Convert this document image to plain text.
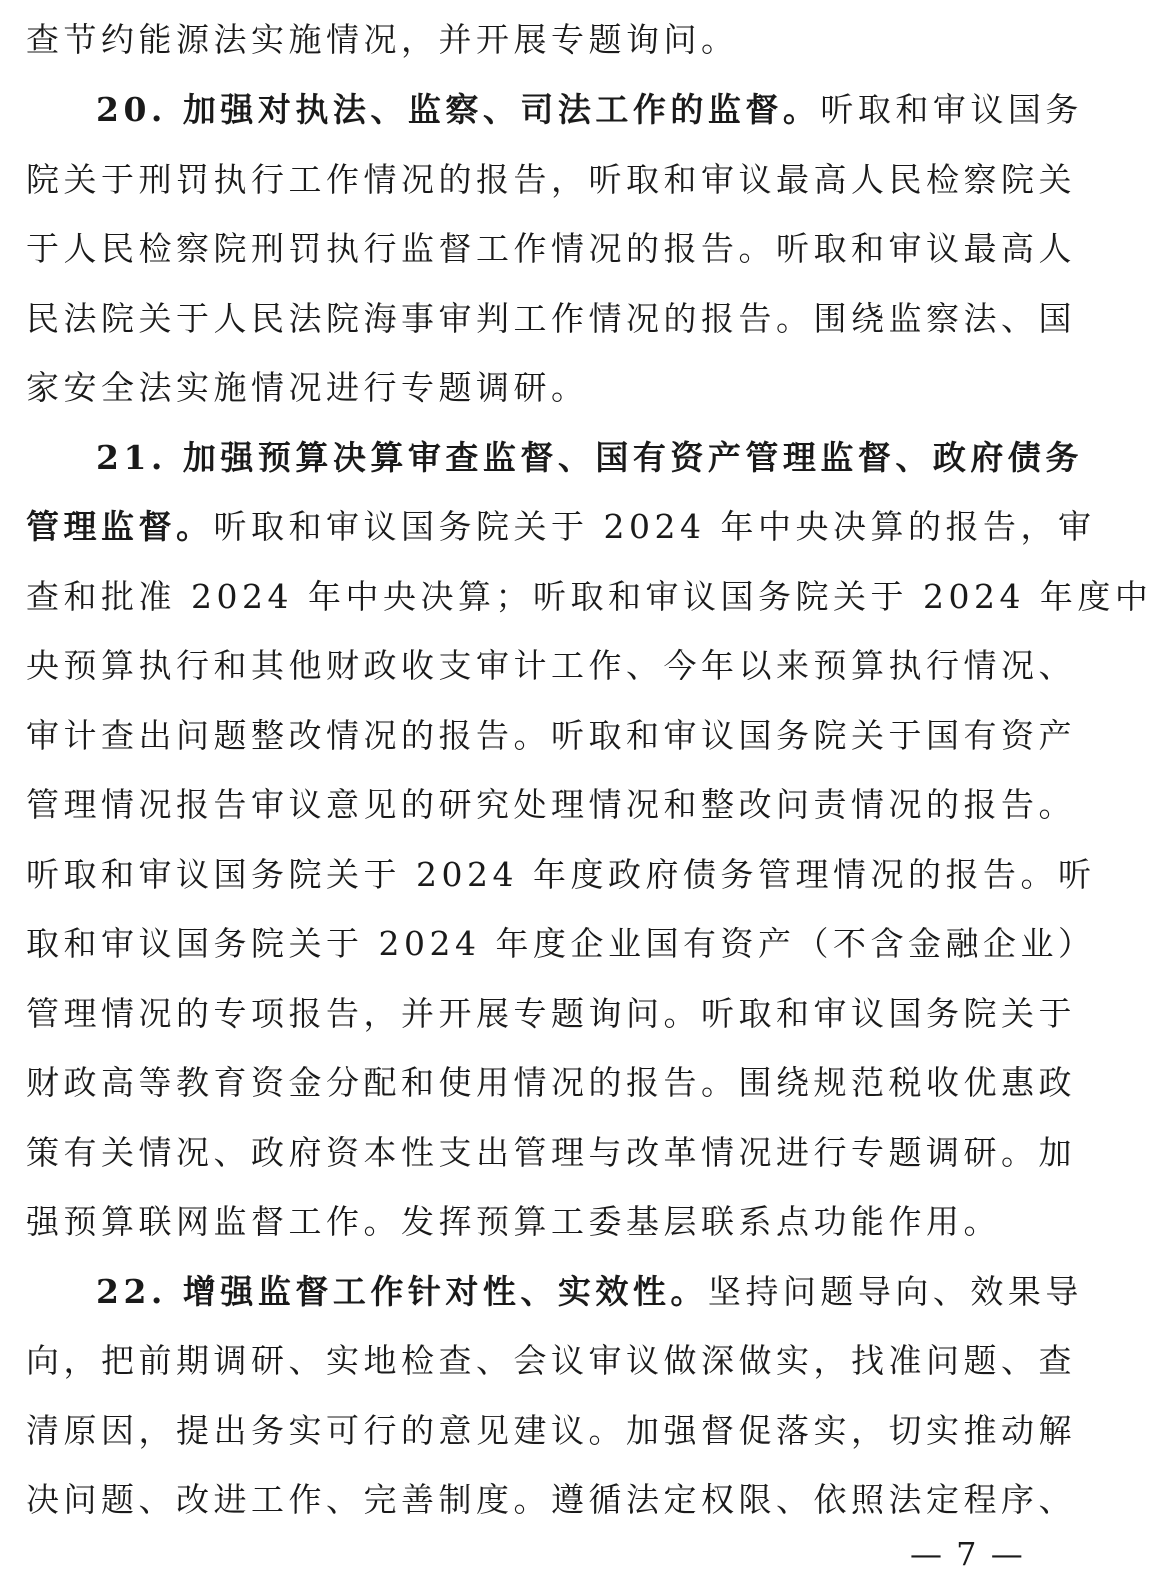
查节约能源法实施情况，并开展专题询问。
20. 加强对执法、监察、司法工作的监督。听取和审议国务
院关于刑罚执行工作情况的报告，听取和审议最高人民检察院关
于人民检察院刑罚执行监督工作情况的报告。听取和审议最高人
民法院关于人民法院海事审判工作情况的报告。围绕监察法、国
家安全法实施情况进行专题调研。
21. 加强预算决算审查监督、国有资产管理监督、政府债务
管理监督。听取和审议国务院关于 2024 年中央决算的报告，审
查和批准 2024 年中央决算；听取和审议国务院关于 2024 年度中
央预算执行和其他财政收支审计工作、今年以来预算执行情况、
审计查出问题整改情况的报告。听取和审议国务院关于国有资产
管理情况报告审议意见的研究处理情况和整改问责情况的报告。
听取和审议国务院关于 2024 年度政府债务管理情况的报告。听
取和审议国务院关于 2024 年度企业国有资产（不含金融企业）
管理情况的专项报告，并开展专题询问。听取和审议国务院关于
财政高等教育资金分配和使用情况的报告。围绕规范税收优惠政
策有关情况、政府资本性支出管理与改革情况进行专题调研。加
强预算联网监督工作。发挥预算工委基层联系点功能作用。
22. 增强监督工作针对性、实效性。坚持问题导向、效果导
向，把前期调研、实地检查、会议审议做深做实，找准问题、查
清原因，提出务实可行的意见建议。加强督促落实，切实推动解
决问题、改进工作、完善制度。遵循法定权限、依照法定程序、
— 7 —
